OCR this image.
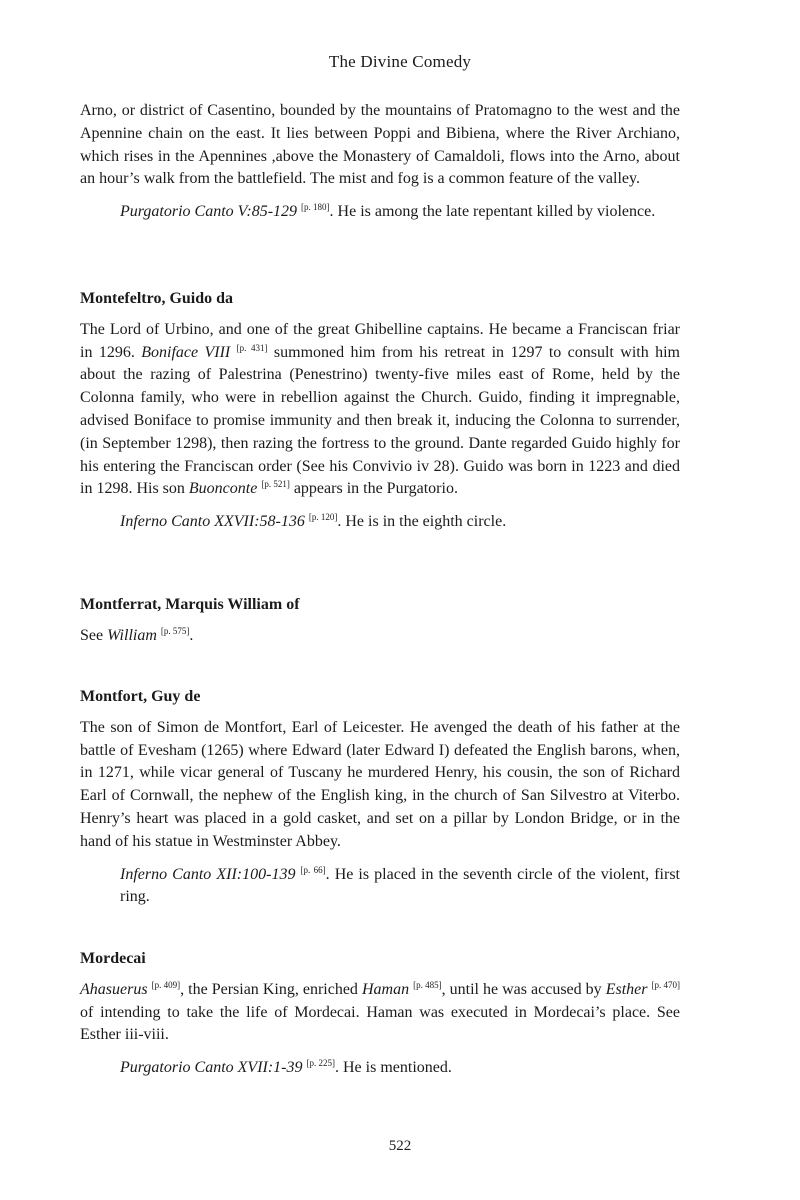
The Divine Comedy

Arno, or district of Casentino, bounded by the mountains of Pratomagno to the west and the Apennine chain on the east. It lies between Poppi and Bibiena, where the River Archiano, which rises in the Apennines ,above the Monastery of Camaldoli, flows into the Arno, about an hour’s walk from the battlefield. The mist and fog is a common feature of the valley.

Purgatorio Canto V:85-129 [p. 180]. He is among the late repentant killed by violence.

Montefeltro, Guido da

The Lord of Urbino, and one of the great Ghibelline captains. He became a Franciscan friar in 1296. Boniface VIII [p. 431] summoned him from his retreat in 1297 to consult with him about the razing of Palestrina (Penestrino) twenty-five miles east of Rome, held by the Colonna family, who were in rebellion against the Church. Guido, finding it impregnable, advised Boniface to promise immunity and then break it, inducing the Colonna to surrender, (in September 1298), then razing the fortress to the ground. Dante regarded Guido highly for his entering the Franciscan order (See his Convivio iv 28). Guido was born in 1223 and died in 1298. His son Buonconte [p. 521] appears in the Purgatorio.

Inferno Canto XXVII:58-136 [p. 120]. He is in the eighth circle.

Montferrat, Marquis William of

See William [p. 575].

Montfort, Guy de

The son of Simon de Montfort, Earl of Leicester. He avenged the death of his father at the battle of Evesham (1265) where Edward (later Edward I) defeated the English barons, when, in 1271, while vicar general of Tuscany he murdered Henry, his cousin, the son of Richard Earl of Cornwall, the nephew of the English king, in the church of San Silvestro at Viterbo. Henry’s heart was placed in a gold casket, and set on a pillar by London Bridge, or in the hand of his statue in Westminster Abbey.

Inferno Canto XII:100-139 [p. 66]. He is placed in the seventh circle of the violent, first ring.

Mordecai

Ahasuerus [p. 409], the Persian King, enriched Haman [p. 485], until he was accused by Esther [p. 470] of intending to take the life of Mordecai. Haman was executed in Mordecai’s place. See Esther iii-viii.

Purgatorio Canto XVII:1-39 [p. 225]. He is mentioned.

522
